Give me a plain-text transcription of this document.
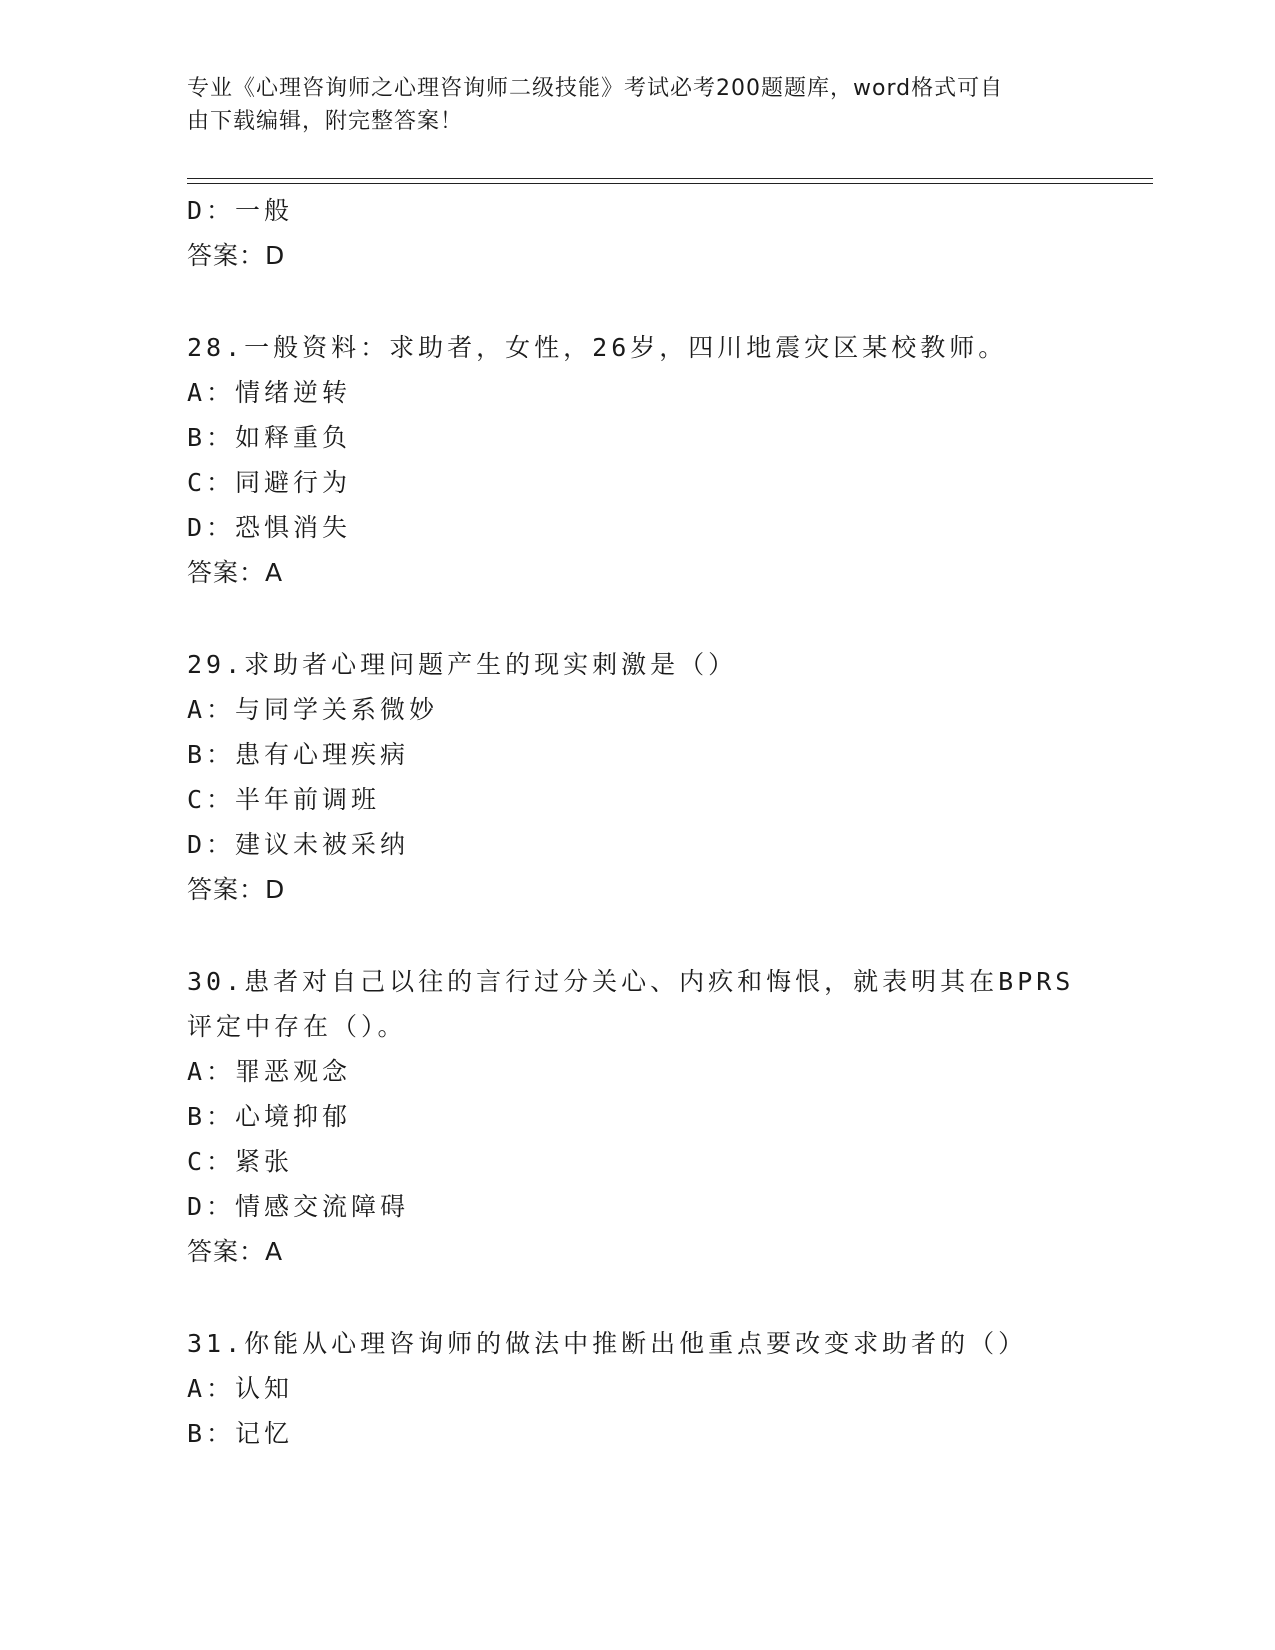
专业《心理咨询师之心理咨询师二级技能》考试必考200题题库，word格式可自
由下载编辑，附完整答案！
D：一般
答案：D
28.一般资料：求助者，女性，26岁，四川地震灾区某校教师。
A：情绪逆转
B：如释重负
C：同避行为
D：恐惧消失
答案：A
29.求助者心理问题产生的现实刺激是（）
A：与同学关系微妙
B：患有心理疾病
C：半年前调班
D：建议未被采纳
答案：D
30.患者对自己以往的言行过分关心、内疚和悔恨，就表明其在BPRS
评定中存在（）。
A：罪恶观念
B：心境抑郁
C：紧张
D：情感交流障碍
答案：A
31.你能从心理咨询师的做法中推断出他重点要改变求助者的（）
A：认知
B：记忆
